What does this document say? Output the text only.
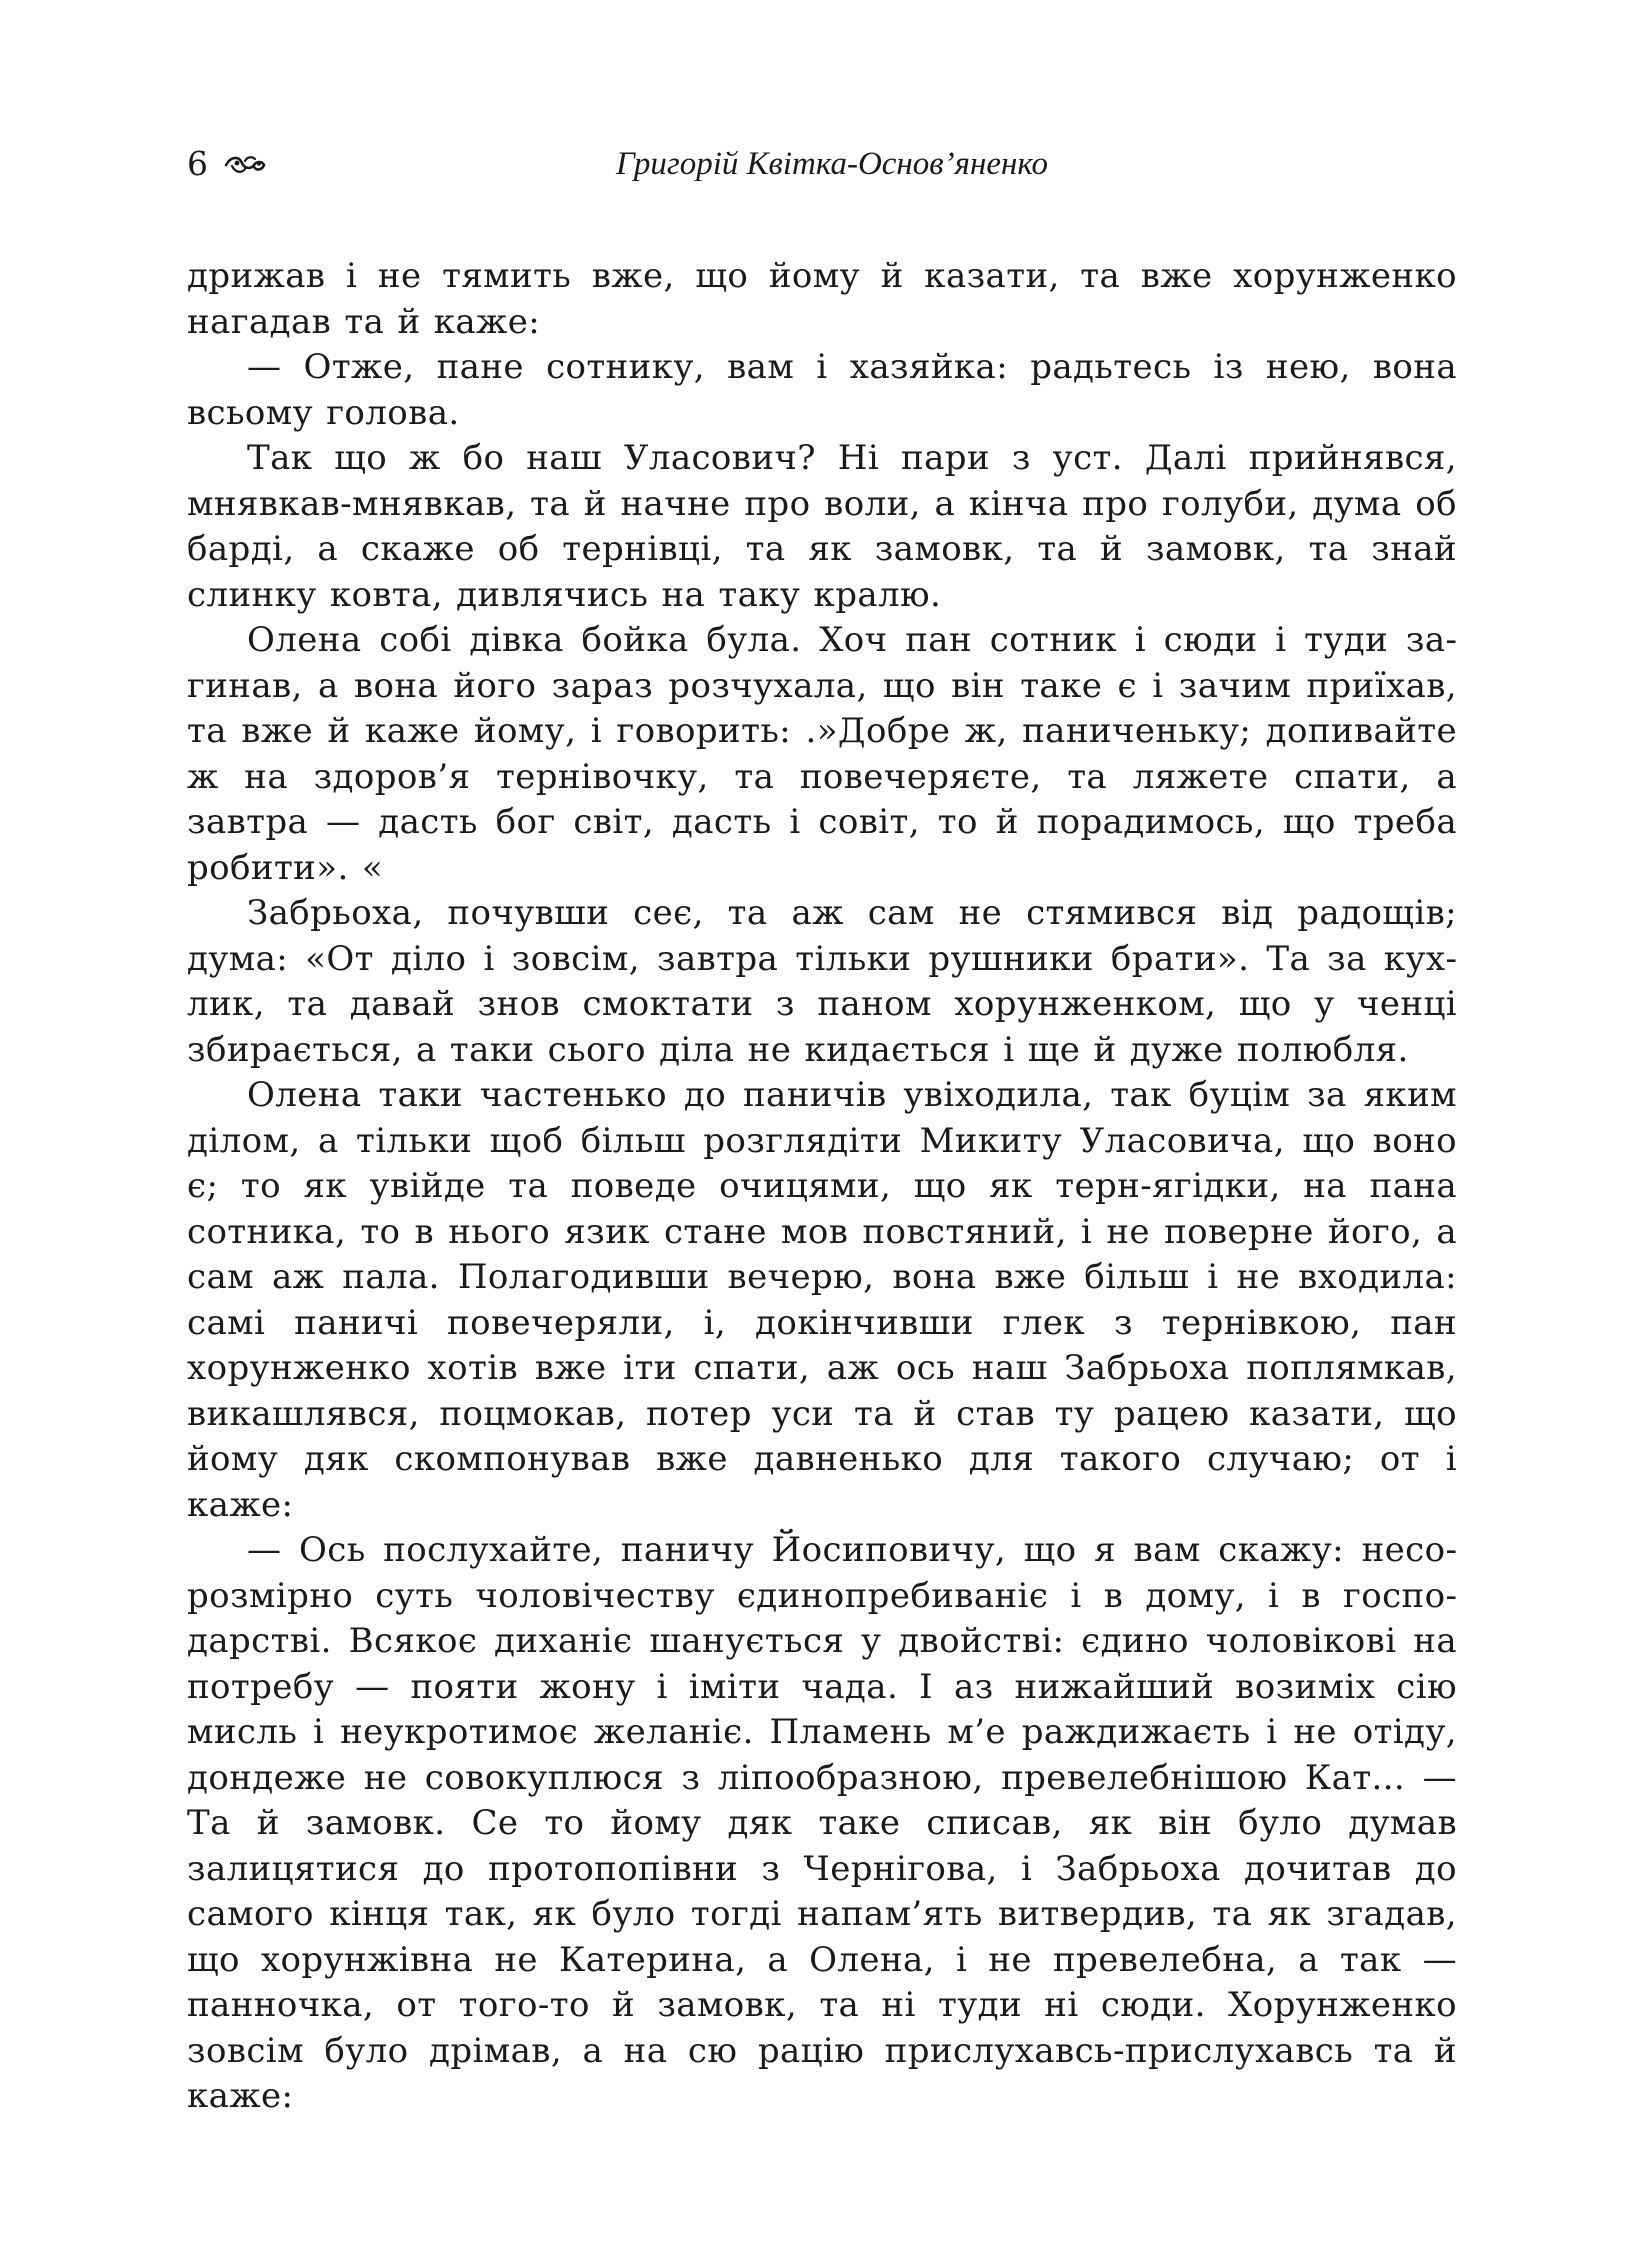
6	Григорій Квітка-Основ’яненко

дрижав і не тямить вже, що йому й казати, та вже хорунженко нагадав та й каже:

— Отже, пане сотнику, вам і хазяйка: радьтесь із нею, вона всьому голова.

Так що ж бо наш Уласович? Ні пари з уст. Далі прийнявся, мнявкав-мнявкав, та й начне про воли, а кінча про голуби, дума об барді, а скаже об тернівці, та як замовк, та й замовк, та знай слинку ковта, дивлячись на таку кралю.

Олена собі дівка бойка була. Хоч пан сотник і сюди і туди загинав, а вона його зараз розчухала, що він таке є і зачим приїхав, та вже й каже йому, і говорить: .»Добре ж, паниченьку; допивайте ж на здоров’я тернівочку, та повечеряєте, та ляжете спати, а завтра — дасть бог світ, дасть і совіт, то й порадимось, що треба робити». «

Забрьоха, почувши сеє, та аж сам не стямився від радощів; дума: «От діло і зовсім, завтра тільки рушники брати». Та за кухлик, та давай знов смоктати з паном хорунженком, що у ченці збирається, а таки сього діла не кидається і ще й дуже полюбля.

Олена таки частенько до паничів увіходила, так буцім за яким ділом, а тільки щоб більш розглядіти Микиту Уласовича, що воно є; то як увійде та поведе очицями, що як терн-ягідки, на пана сотника, то в нього язик стане мов повстяний, і не поверне його, а сам аж пала. Полагодивши вечерю, вона вже більш і не входила: самі паничі повечеряли, і, докінчивши глек з тернівкою, пан хорунженко хотів вже іти спати, аж ось наш Забрьоха поплямкав, викашлявся, поцмокав, потер уси та й став ту рацею казати, що йому дяк скомпонував вже давненько для такого случаю; от і каже:

— Ось послухайте, паничу Йосиповичу, що я вам скажу: несорозмірно суть чоловічеству єдинопребиваніє і в дому, і в господарстві. Всякоє диханіє шанується у двойстві: єдино чоловікові на потребу — пояти жону і іміти чада. І аз нижайший возиміх сію мисль і неукротимоє желаніє. Пламень м’е раждижаєть і не отіду, дондеже не совокуплюся з ліпообразною, превелебнішою Кат... — Та й замовк. Се то йому дяк таке списав, як він було думав залицятися до протопопівни з Чернігова, і Забрьоха дочитав до самого кінця так, як було тогді напам’ять витвердив, та як згадав, що хорунжівна не Катерина, а Олена, і не превелебна, а так — панночка, от того-то й замовк, та ні туди ні сюди. Хорунженко зовсім було дрімав, а на сю рацію прислухавсь-прислухавсь та й каже:
